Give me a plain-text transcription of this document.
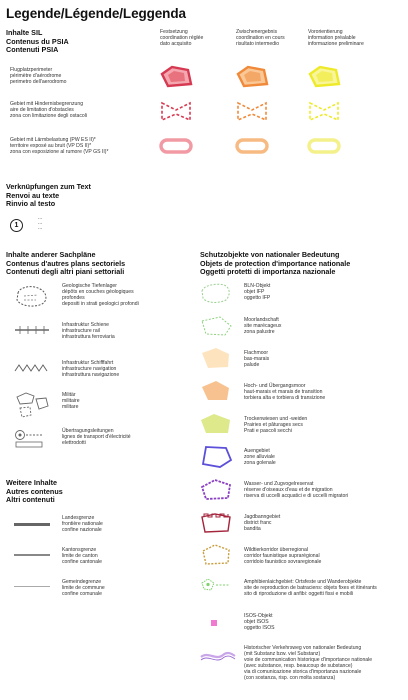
Legende/Légende/Leggenda
Inhalte SIL
Contenus du PSIA
Contenuti PSIA
Festsetzung
coordination réglée
dato acquisito
Zwischenergebnis
coordination en cours
risultato intermedio
Vororientierung
information préalable
informazione preliminare
Flugplatzperimeter
périmètre d'aérodrome
perimetro dell'aerodromo
Gebiet mit Hindernisbegrenzung
aire de limitation d'obstacles
zona con limitazione degli ostacoli
Gebiet mit Lärmbelastung (PW ES II)*
territoire exposé au bruit (VP DS II)*
zona con esposizione al rumore (VP GS II)*
Verknüpfungen zum Text
Renvoi au texte
Rinvio al testo
1
...
...
...
Inhalte anderer Sachpläne
Contenus d'autres plans sectoriels
Contenuti degli altri piani settoriali
Geologische Tiefenlager
dépôts en couches géologiques
profondes
depositi in strati geologici profondi
Infrastruktur Schiene
infrastructure rail
infrastruttura ferroviaria
Infrastruktur Schifffahrt
infrastructure navigation
infrastruttura navigazione
Militär
militaire
militare
Übertragungsleitungen
lignes de transport d'électricité
elettrodotti
Weitere Inhalte
Autres contenus
Altri contenuti
Landesgrenze
frontière nationale
confine nazionale
Kantonsgrenze
limite de canton
confine cantonale
Gemeindegrenze
limite de commune
confine comunale
Schutzobjekte von nationaler Bedeutung
Objets de protection d'importance nationale
Oggetti protetti di importanza nazionale
BLN-Objekt
objet IFP
oggetto IFP
Moorlandschaft
site marécageux
zona palustre
Flachmoor
bas-marais
palude
Hoch- und Übergangsmoor
haut-marais et marais de transition
torbiera alta e torbiera di transizione
Trockenwiesen und -weiden
Prairies et pâturages secs
Prati e pascoli secchi
Auengebiet
zone alluviale
zona golenale
Wasser- und Zugvogelreservat
réserve d'oiseaux d'eau et de migration
riserva di uccelli acquatici e di uccelli migratori
Jagdbanngebiet
district franc
bandita
Wildtierkorridor überregional
corridor faunistique suprarégional
corridoio faunistico sovraregionale
Amphibienlaichgebiet: Ortsfeste und Wanderobjekte
site de reproduction de batraciens: objets fixes et itinérants
sito di riproduzione di anfibi: oggetti fissi e mobili
ISOS-Objekt
objet ISOS
oggetto ISOS
Historischer Verkehrsweg von nationaler Bedeutung
(mit Substanz bzw. viel Substanz)
voie de communication historique d'importance nationale
(avec substance, resp. beaucoup de substance)
via di comunicazione storica d'importanza nazionale
(con sostanza, risp. con molta sostanza)
